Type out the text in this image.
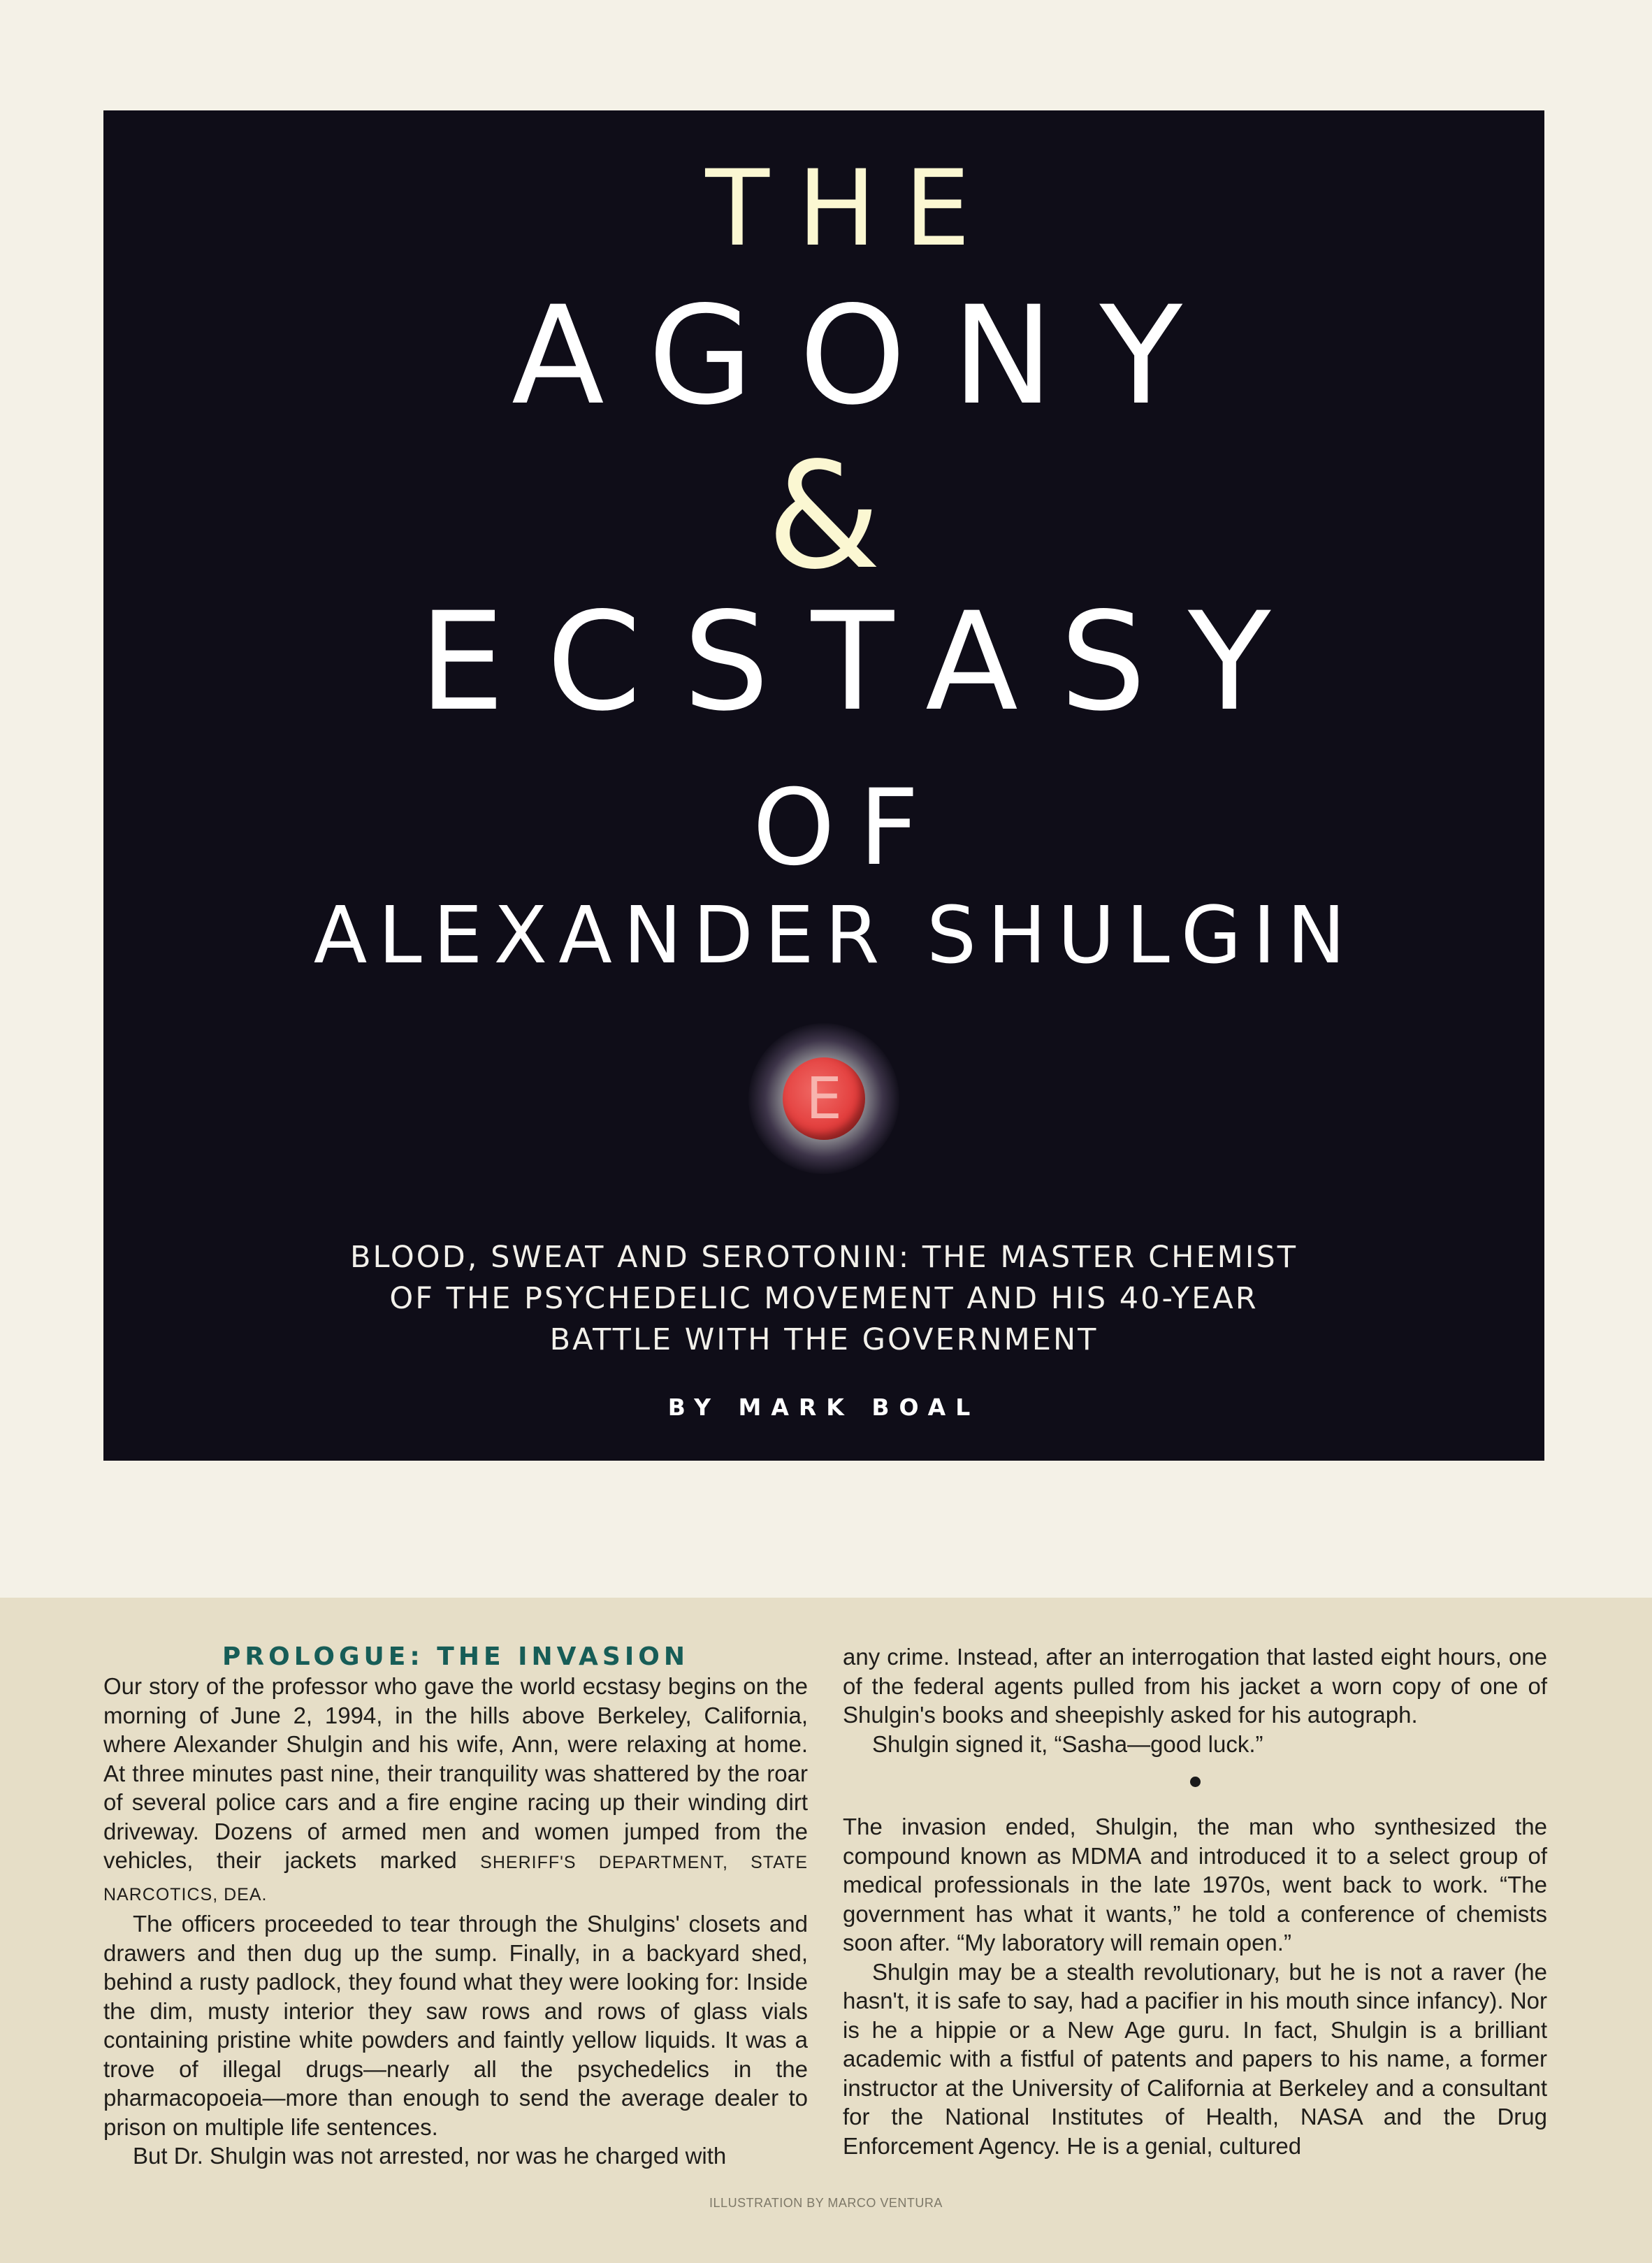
THE
AGONY
&
ECSTASY
OF
ALEXANDER SHULGIN
E
BLOOD, SWEAT AND SEROTONIN: THE MASTER CHEMIST
OF THE PSYCHEDELIC MOVEMENT AND HIS 40-YEAR
BATTLE WITH THE GOVERNMENT
BY MARK BOAL
PROLOGUE: THE INVASION

Our story of the professor who gave the world ecstasy begins on the morning of June 2, 1994, in the hills above Berkeley, California, where Alexander Shulgin and his wife, Ann, were relaxing at home. At three minutes past nine, their tranquility was shattered by the roar of several police cars and a fire engine racing up their winding dirt driveway. Dozens of armed men and women jumped from the vehicles, their jackets marked SHERIFF'S DEPARTMENT, STATE NARCOTICS, DEA.

The officers proceeded to tear through the Shulgins' closets and drawers and then dug up the sump. Finally, in a backyard shed, behind a rusty padlock, they found what they were looking for: Inside the dim, musty interior they saw rows and rows of glass vials containing pristine white powders and faintly yellow liquids. It was a trove of illegal drugs—nearly all the psychedelics in the pharmacopoeia—more than enough to send the average dealer to prison on multiple life sentences.

But Dr. Shulgin was not arrested, nor was he charged with

any crime. Instead, after an interrogation that lasted eight hours, one of the federal agents pulled from his jacket a worn copy of one of Shulgin's books and sheepishly asked for his autograph.

Shulgin signed it, “Sasha—good luck.”

The invasion ended, Shulgin, the man who synthesized the compound known as MDMA and introduced it to a select group of medical professionals in the late 1970s, went back to work. “The government has what it wants,” he told a conference of chemists soon after. “My laboratory will remain open.”

Shulgin may be a stealth revolutionary, but he is not a raver (he hasn't, it is safe to say, had a pacifier in his mouth since infancy). Nor is he a hippie or a New Age guru. In fact, Shulgin is a brilliant academic with a fistful of patents and papers to his name, a former instructor at the University of California at Berkeley and a consultant for the National Institutes of Health, NASA and the Drug Enforcement Agency. He is a genial, cultured

ILLUSTRATION BY MARCO VENTURA
